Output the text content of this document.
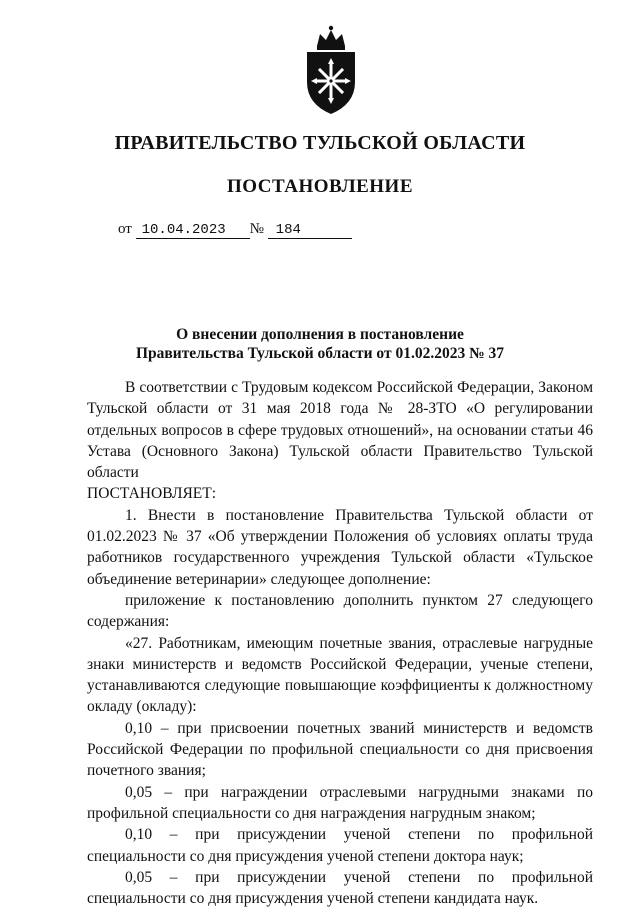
ПРАВИТЕЛЬСТВО ТУЛЬСКОЙ ОБЛАСТИ
ПОСТАНОВЛЕНИЕ
от 10.04.2023 № 184
О внесении дополнения в постановление
Правительства Тульской области от 01.02.2023 № 37

В соответствии с Трудовым кодексом Российской Федерации, Законом Тульской области от 31 мая 2018 года № 28-ЗТО «О регулировании отдельных вопросов в сфере трудовых отношений», на основании статьи 46 Устава (Основного Закона) Тульской области Правительство Тульской области

ПОСТАНОВЛЯЕТ:

1. Внести в постановление Правительства Тульской области от 01.02.2023 № 37 «Об утверждении Положения об условиях оплаты труда работников государственного учреждения Тульской области «Тульское объединение ветеринарии» следующее дополнение:

приложение к постановлению дополнить пунктом 27 следующего содержания:

«27. Работникам, имеющим почетные звания, отраслевые нагрудные знаки министерств и ведомств Российской Федерации, ученые степени, устанавливаются следующие повышающие коэффициенты к должностному окладу (окладу):

0,10 – при присвоении почетных званий министерств и ведомств Российской Федерации по профильной специальности со дня присвоения почетного звания;

0,05 – при награждении отраслевыми нагрудными знаками по профильной специальности со дня награждения нагрудным знаком;

0,10 – при присуждении ученой степени по профильной специальности со дня присуждения ученой степени доктора наук;

0,05 – при присуждении ученой степени по профильной специальности со дня присуждения ученой степени кандидата наук.
